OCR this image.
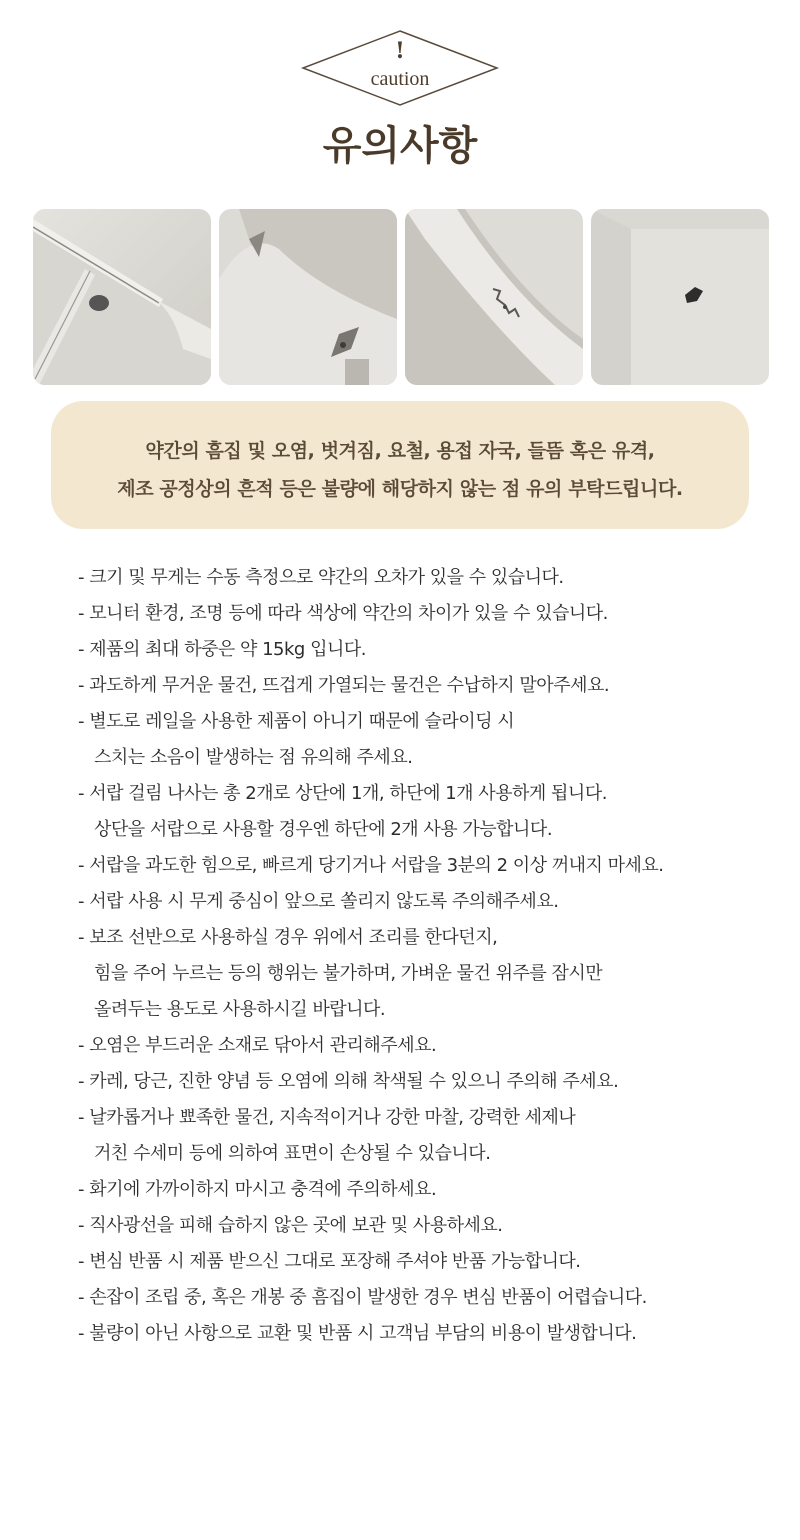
!
caution
유의사항
약간의 흠집 및 오염, 벗겨짐, 요철, 용접 자국, 들뜸 혹은 유격,
제조 공정상의 흔적 등은 불량에 해당하지 않는 점 유의 부탁드립니다.
- 크기 및 무게는 수동 측정으로 약간의 오차가 있을 수 있습니다.
- 모니터 환경, 조명 등에 따라 색상에 약간의 차이가 있을 수 있습니다.
- 제품의 최대 하중은 약 15kg 입니다.
- 과도하게 무거운 물건, 뜨겁게 가열되는 물건은 수납하지 말아주세요.
- 별도로 레일을 사용한 제품이 아니기 때문에 슬라이딩 시
스치는 소음이 발생하는 점 유의해 주세요.
- 서랍 걸림 나사는 총 2개로 상단에 1개, 하단에 1개 사용하게 됩니다.
상단을 서랍으로 사용할 경우엔 하단에 2개 사용 가능합니다.
- 서랍을 과도한 힘으로, 빠르게 당기거나 서랍을 3분의 2 이상 꺼내지 마세요.
- 서랍 사용 시 무게 중심이 앞으로 쏠리지 않도록 주의해주세요.
- 보조 선반으로 사용하실 경우 위에서 조리를 한다던지,
힘을 주어 누르는 등의 행위는 불가하며, 가벼운 물건 위주를 잠시만
올려두는 용도로 사용하시길 바랍니다.
- 오염은 부드러운 소재로 닦아서 관리해주세요.
- 카레, 당근, 진한 양념 등 오염에 의해 착색될 수 있으니 주의해 주세요.
- 날카롭거나 뾰족한 물건, 지속적이거나 강한 마찰, 강력한 세제나
거친 수세미 등에 의하여 표면이 손상될 수 있습니다.
- 화기에 가까이하지 마시고 충격에 주의하세요.
- 직사광선을 피해 습하지 않은 곳에 보관 및 사용하세요.
- 변심 반품 시 제품 받으신 그대로 포장해 주셔야 반품 가능합니다.
- 손잡이 조립 중, 혹은 개봉 중 흠집이 발생한 경우 변심 반품이 어렵습니다.
- 불량이 아닌 사항으로 교환 및 반품 시 고객님 부담의 비용이 발생합니다.
